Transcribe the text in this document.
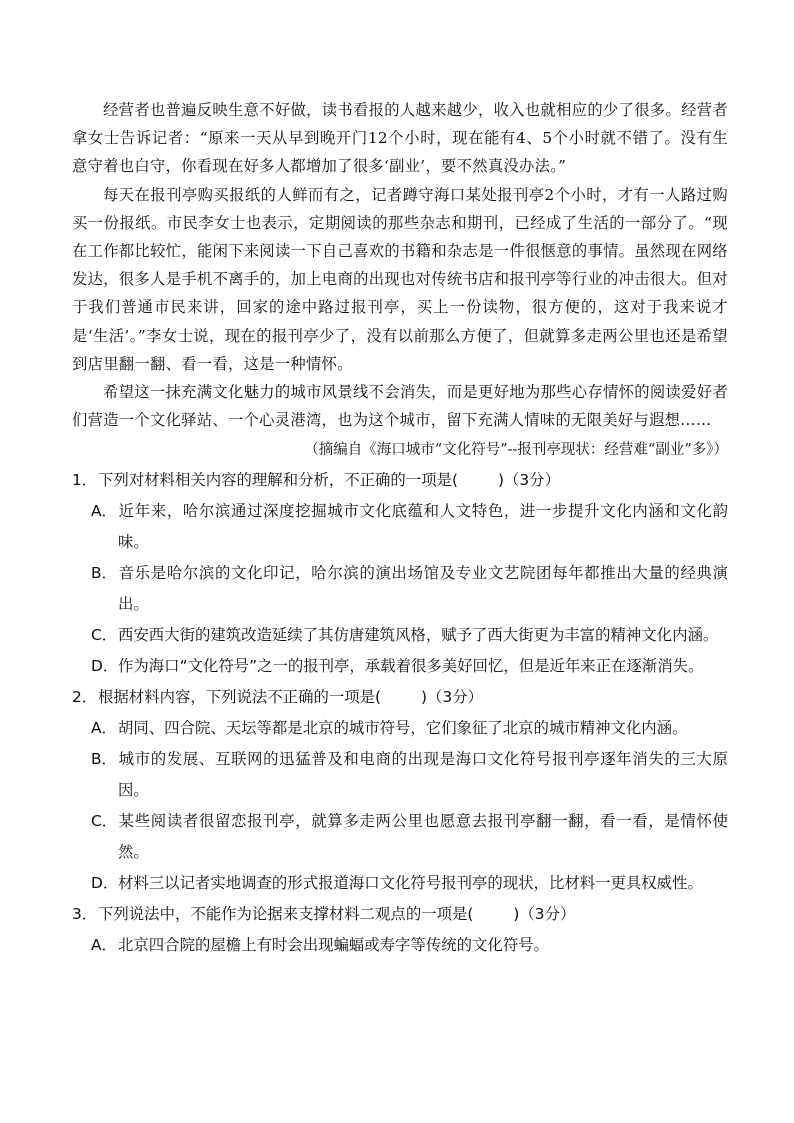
经营者也普遍反映生意不好做，读书看报的人越来越少，收入也就相应的少了很多。经营者拿女士告诉记者：“原来一天从早到晚开门12个小时，现在能有4、5个小时就不错了。没有生意守着也白守，你看现在好多人都增加了很多‘副业’，要不然真没办法。”

每天在报刊亭购买报纸的人鲜而有之，记者蹲守海口某处报刊亭2个小时，才有一人路过购买一份报纸。市民李女士也表示，定期阅读的那些杂志和期刊，已经成了生活的一部分了。“现在工作都比较忙，能闲下来阅读一下自己喜欢的书籍和杂志是一件很惬意的事情。虽然现在网络发达，很多人是手机不离手的，加上电商的出现也对传统书店和报刊亭等行业的冲击很大。但对于我们普通市民来讲，回家的途中路过报刊亭，买上一份读物，很方便的，这对于我来说才是‘生活’。”李女士说，现在的报刊亭少了，没有以前那么方便了，但就算多走两公里也还是希望到店里翻一翻、看一看，这是一种情怀。

希望这一抹充满文化魅力的城市风景线不会消失，而是更好地为那些心存情怀的阅读爱好者们营造一个文化驿站、一个心灵港湾，也为这个城市，留下充满人情味的无限美好与遐想……

（摘编自《海口城市“文化符号”--报刊亭现状：经营难“副业”多》）
1．下列对材料相关内容的理解和分析，不正确的一项是(	)（3分）
A．近年来，哈尔滨通过深度挖掘城市文化底蕴和人文特色，进一步提升文化内涵和文化韵味。
B．音乐是哈尔滨的文化印记，哈尔滨的演出场馆及专业文艺院团每年都推出大量的经典演出。
C．西安西大街的建筑改造延续了其仿唐建筑风格，赋予了西大街更为丰富的精神文化内涵。
D．作为海口“文化符号”之一的报刊亭，承载着很多美好回忆，但是近年来正在逐渐消失。
2．根据材料内容，下列说法不正确的一项是(	)（3分）
A．胡同、四合院、天坛等都是北京的城市符号，它们象征了北京的城市精神文化内涵。
B．城市的发展、互联网的迅猛普及和电商的出现是海口文化符号报刊亭逐年消失的三大原因。
C．某些阅读者很留恋报刊亭，就算多走两公里也愿意去报刊亭翻一翻，看一看，是情怀使然。
D．材料三以记者实地调查的形式报道海口文化符号报刊亭的现状，比材料一更具权威性。
3．下列说法中，不能作为论据来支撑材料二观点的一项是(	)（3分）
A．北京四合院的屋檐上有时会出现蝙蝠或寿字等传统的文化符号。
